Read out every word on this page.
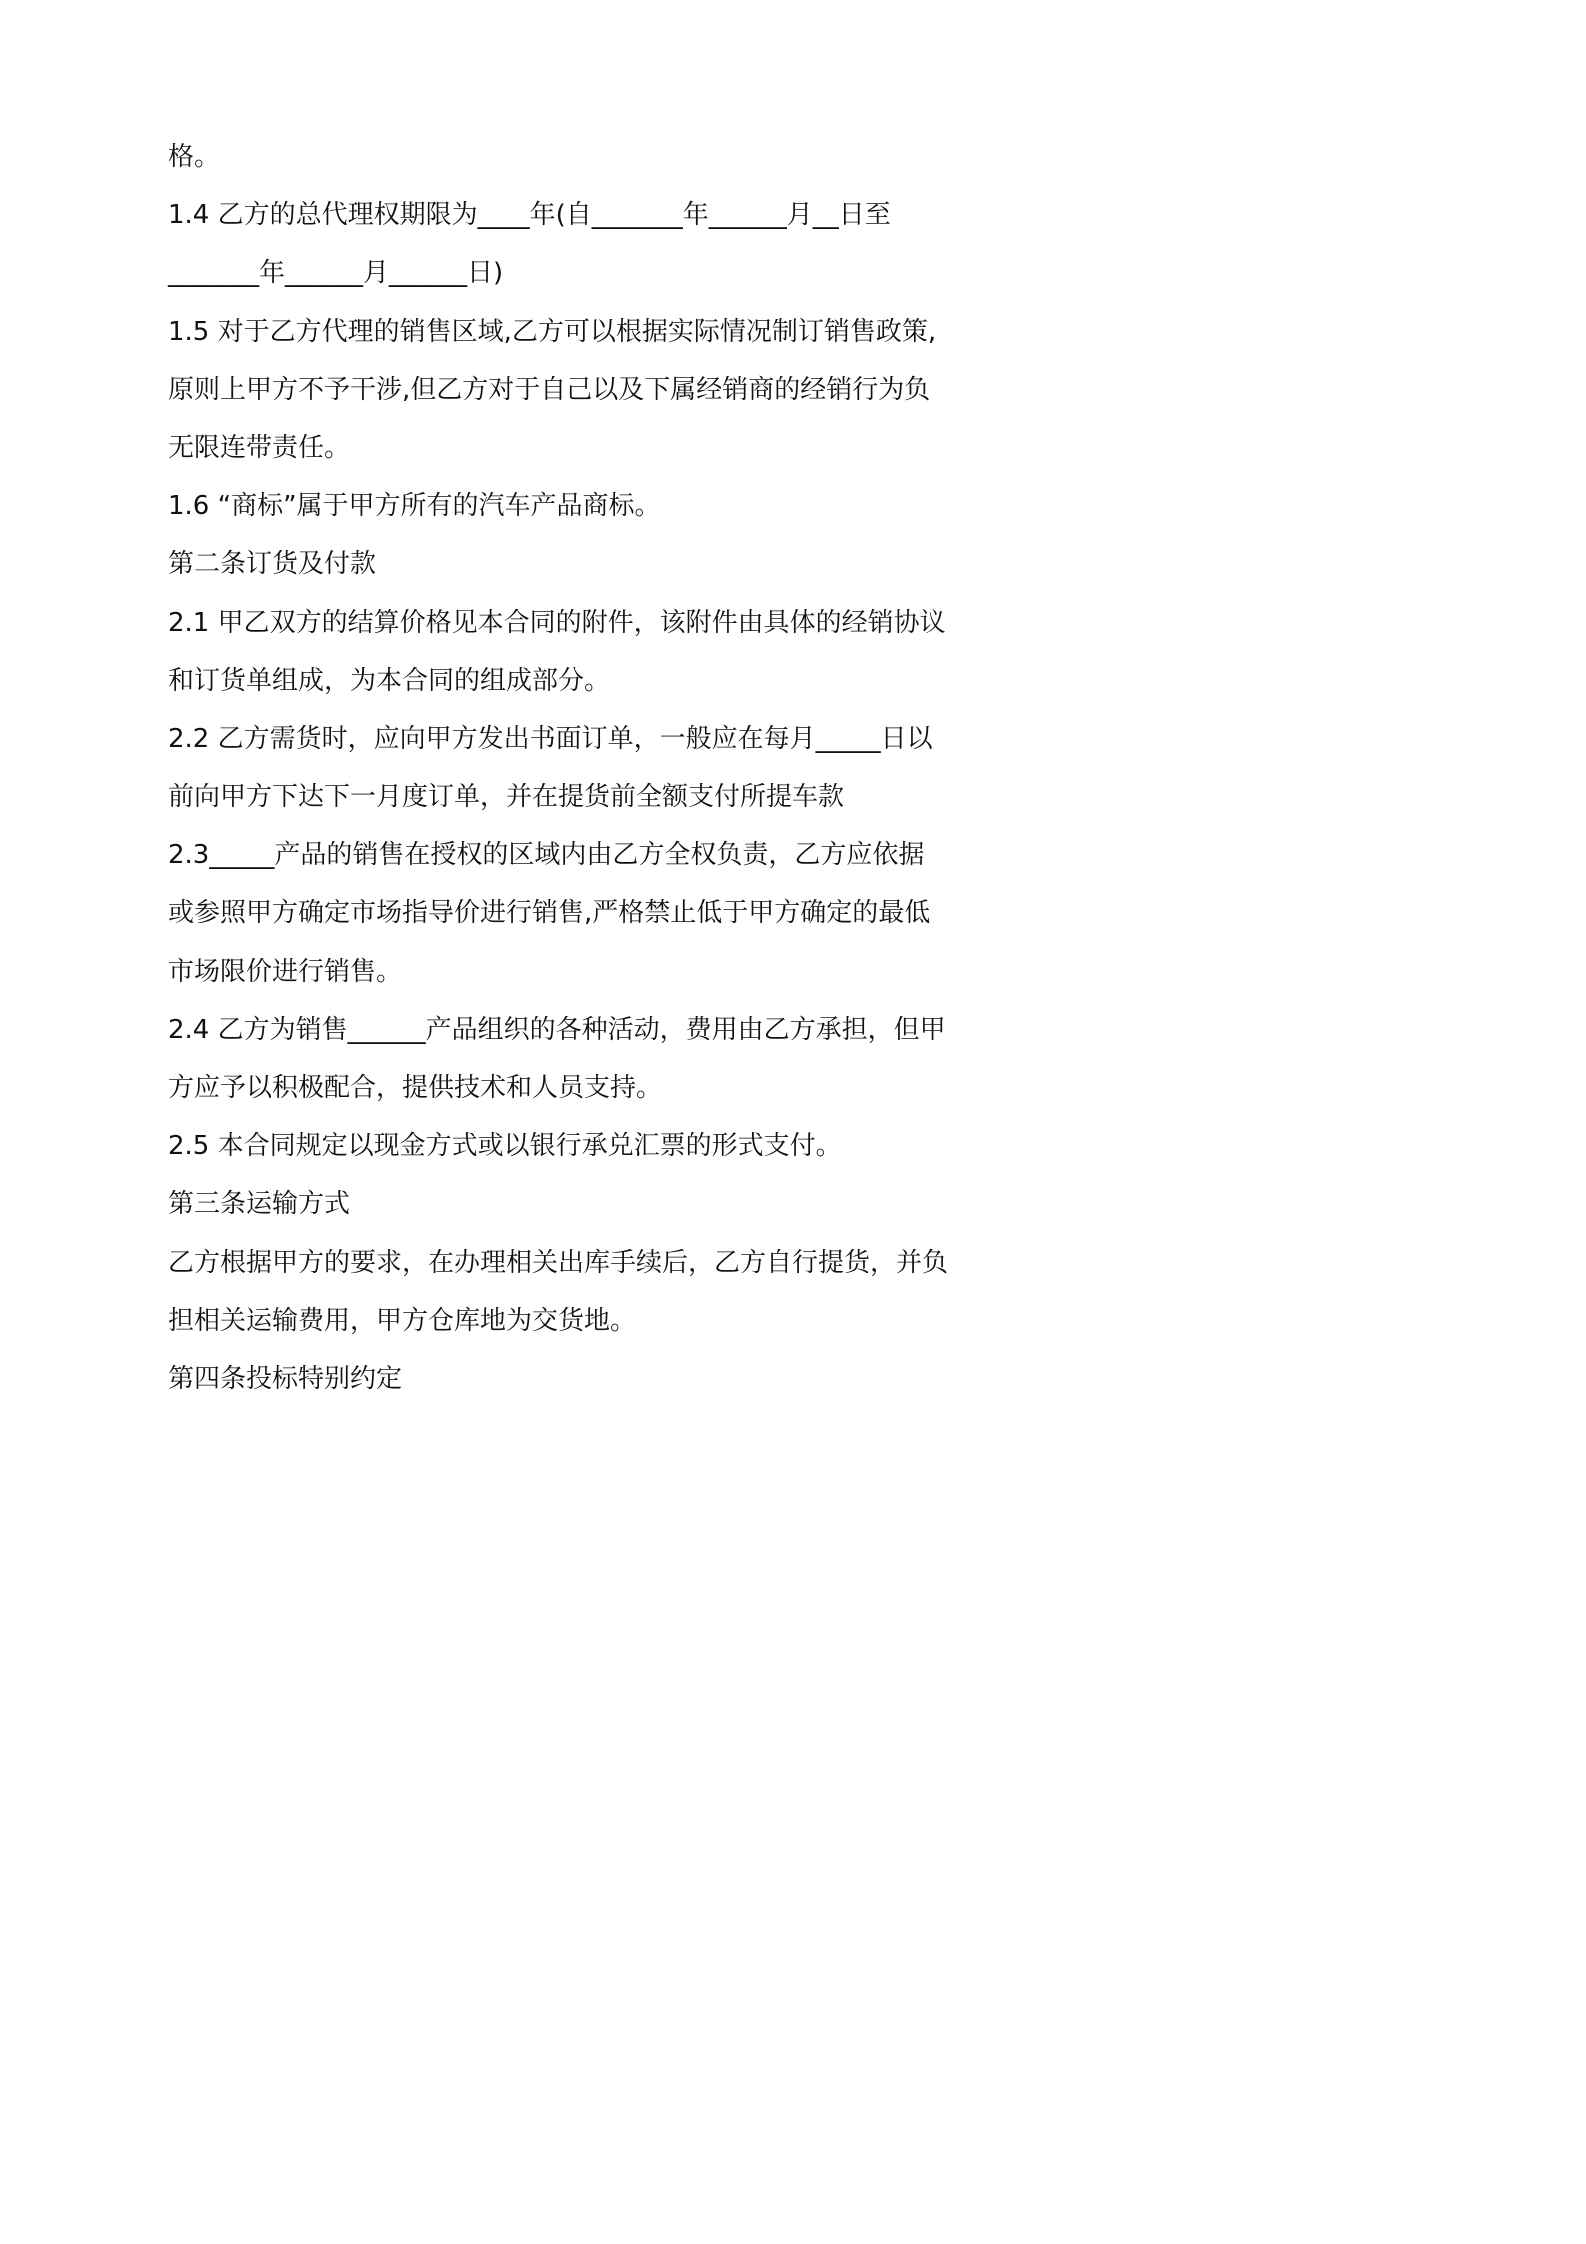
格。
1.4 乙方的总代理权期限为____年(自_______年______月__日至
_______年______月______日)
1.5 对于乙方代理的销售区域,乙方可以根据实际情况制订销售政策,
原则上甲方不予干涉,但乙方对于自己以及下属经销商的经销行为负
无限连带责任。
1.6 “商标”属于甲方所有的汽车产品商标。
第二条订货及付款
2.1 甲乙双方的结算价格见本合同的附件，该附件由具体的经销协议
和订货单组成，为本合同的组成部分。
2.2 乙方需货时，应向甲方发出书面订单，一般应在每月_____日以
前向甲方下达下一月度订单，并在提货前全额支付所提车款
2.3_____产品的销售在授权的区域内由乙方全权负责，乙方应依据
或参照甲方确定市场指导价进行销售,严格禁止低于甲方确定的最低
市场限价进行销售。
2.4 乙方为销售______产品组织的各种活动，费用由乙方承担，但甲
方应予以积极配合，提供技术和人员支持。
2.5 本合同规定以现金方式或以银行承兑汇票的形式支付。
第三条运输方式
乙方根据甲方的要求，在办理相关出库手续后，乙方自行提货，并负
担相关运输费用，甲方仓库地为交货地。
第四条投标特别约定
